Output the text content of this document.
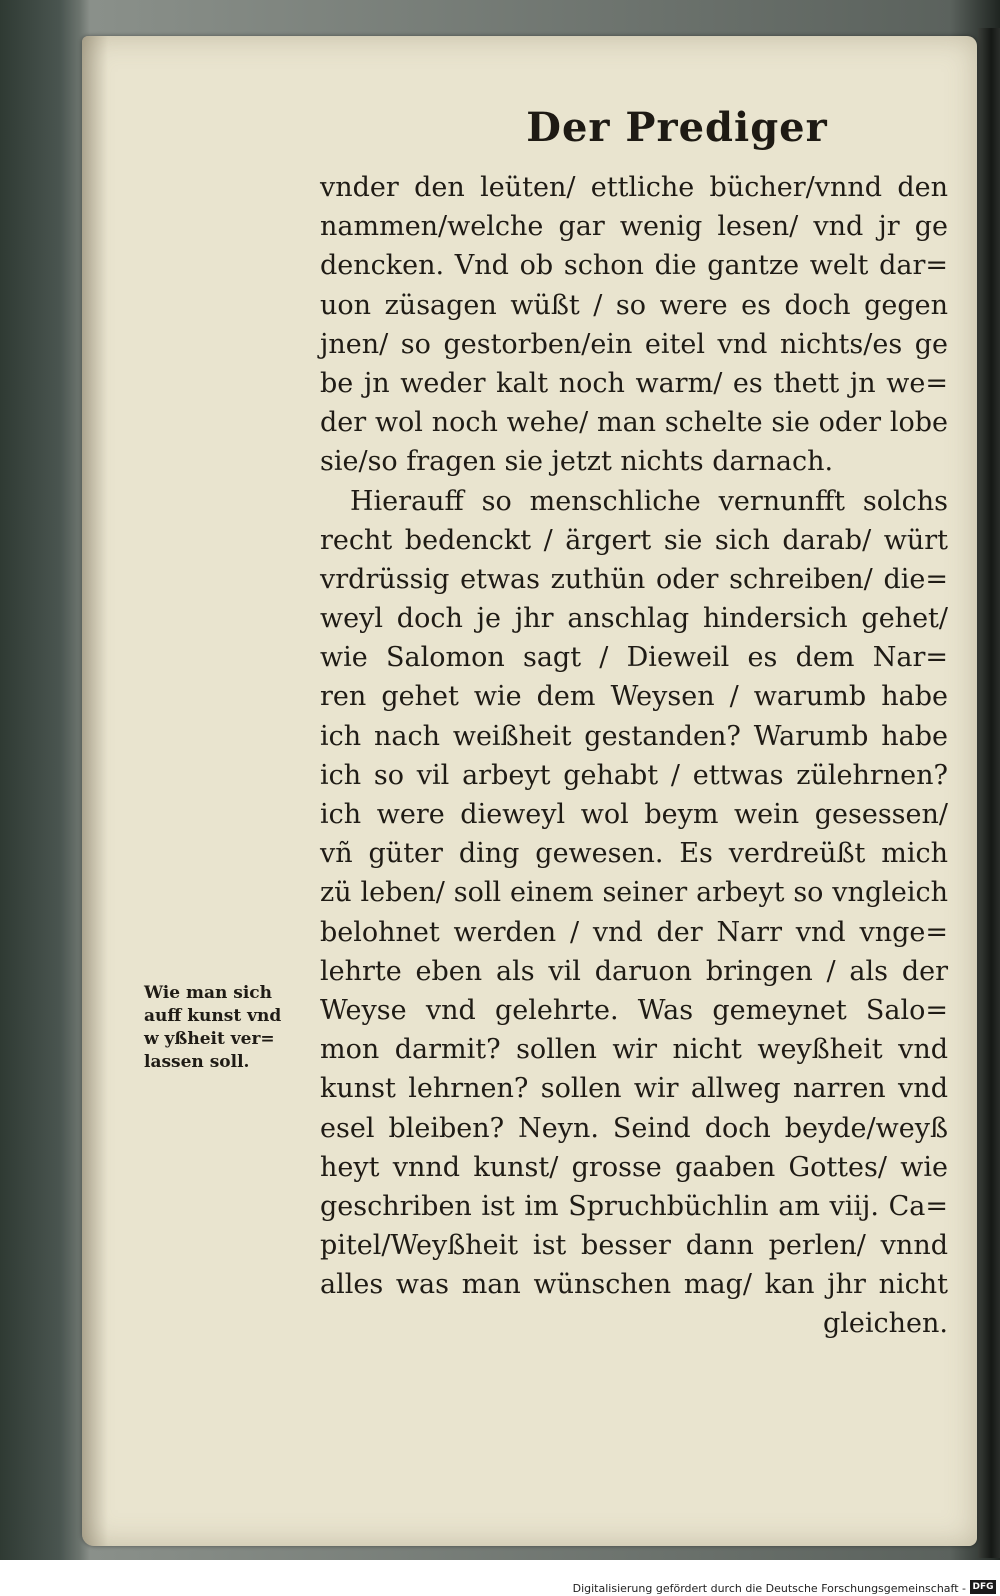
Der Prediger
vnder den leüten/ ettliche bücher/vnnd den
nammen/welche gar wenig lesen/ vnd jr ge
dencken. Vnd ob schon die gantze welt dar=
uon züsagen wüßt / so were es doch gegen
jnen/ so gestorben/ein eitel vnd nichts/es ge
be jn weder kalt noch warm/ es thett jn we=
der wol noch wehe/ man schelte sie oder lobe
sie/so fragen sie jetzt nichts darnach.
Hierauff so menschliche vernunfft solchs
recht bedenckt / ärgert sie sich darab/ würt
vrdrüssig etwas zuthün oder schreiben/ die=
weyl doch je jhr anschlag hindersich gehet/
wie Salomon sagt / Dieweil es dem Nar=
ren gehet wie dem Weysen / warumb habe
ich nach weißheit gestanden? Warumb habe
ich so vil arbeyt gehabt / ettwas zülehrnen?
ich were dieweyl wol beym wein gesessen/
vñ güter ding gewesen. Es verdreüßt mich
zü leben/ soll einem seiner arbeyt so vngleich
belohnet werden / vnd der Narr vnd vnge=
lehrte eben als vil daruon bringen / als der
Weyse vnd gelehrte. Was gemeynet Salo=
mon darmit? sollen wir nicht weyßheit vnd
kunst lehrnen? sollen wir allweg narren vnd
esel bleiben? Neyn. Seind doch beyde/weyß
heyt vnnd kunst/ grosse gaaben Gottes/ wie
geschriben ist im Spruchbüchlin am viij. Ca=
pitel/Weyßheit ist besser dann perlen/ vnnd
alles was man wünschen mag/ kan jhr nicht
gleichen.
Wie man sich
auff kunst vnd
w yßheit ver=
lassen soll.
Digitalisierung gefördert durch die Deutsche Forschungsgemeinschaft - DFG
